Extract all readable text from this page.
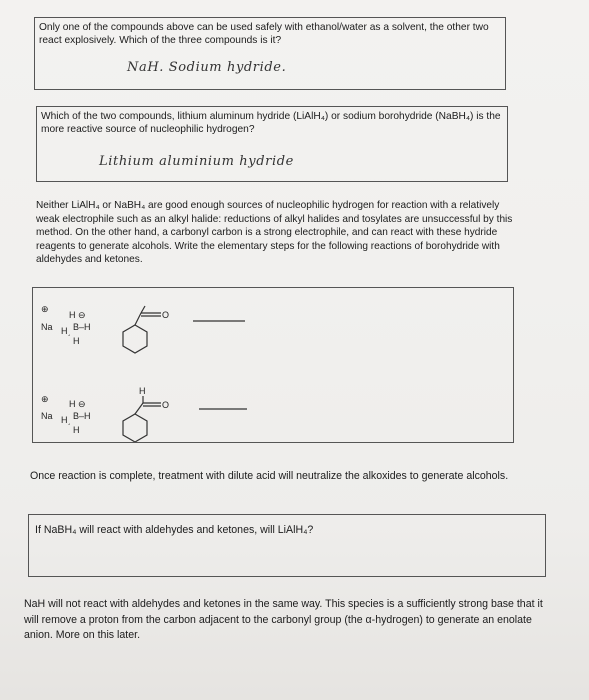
Only one of the compounds above can be used safely with ethanol/water as a solvent, the other two react explosively. Which of the three compounds is it?
NaH. Sodium hydride.
Which of the two compounds, lithium aluminum hydride (LiAlH₄) or sodium borohydride (NaBH₄) is the more reactive source of nucleophilic hydrogen?
Lithium aluminium hydride
Neither LiAlH₄ or NaBH₄ are good enough sources of nucleophilic hydrogen for reaction with a relatively weak electrophile such as an alkyl halide: reductions of alkyl halides and tosylates are unsuccessful by this method. On the other hand, a carbonyl carbon is a strong electrophile, and can react with these hydride reagents to generate alcohols. Write the elementary steps for the following reactions of borohydride with aldehydes and ketones.
⊕
Na
H ⊖
Hˏ B–H
H
O
⊕
Na
H ⊖
Hˏ B–H
H
H
O
Once reaction is complete, treatment with dilute acid will neutralize the alkoxides to generate alcohols.
If NaBH₄ will react with aldehydes and ketones, will LiAlH₄?
NaH will not react with aldehydes and ketones in the same way. This species is a sufficiently strong base that it will remove a proton from the carbon adjacent to the carbonyl group (the α-hydrogen) to generate an enolate anion. More on this later.
